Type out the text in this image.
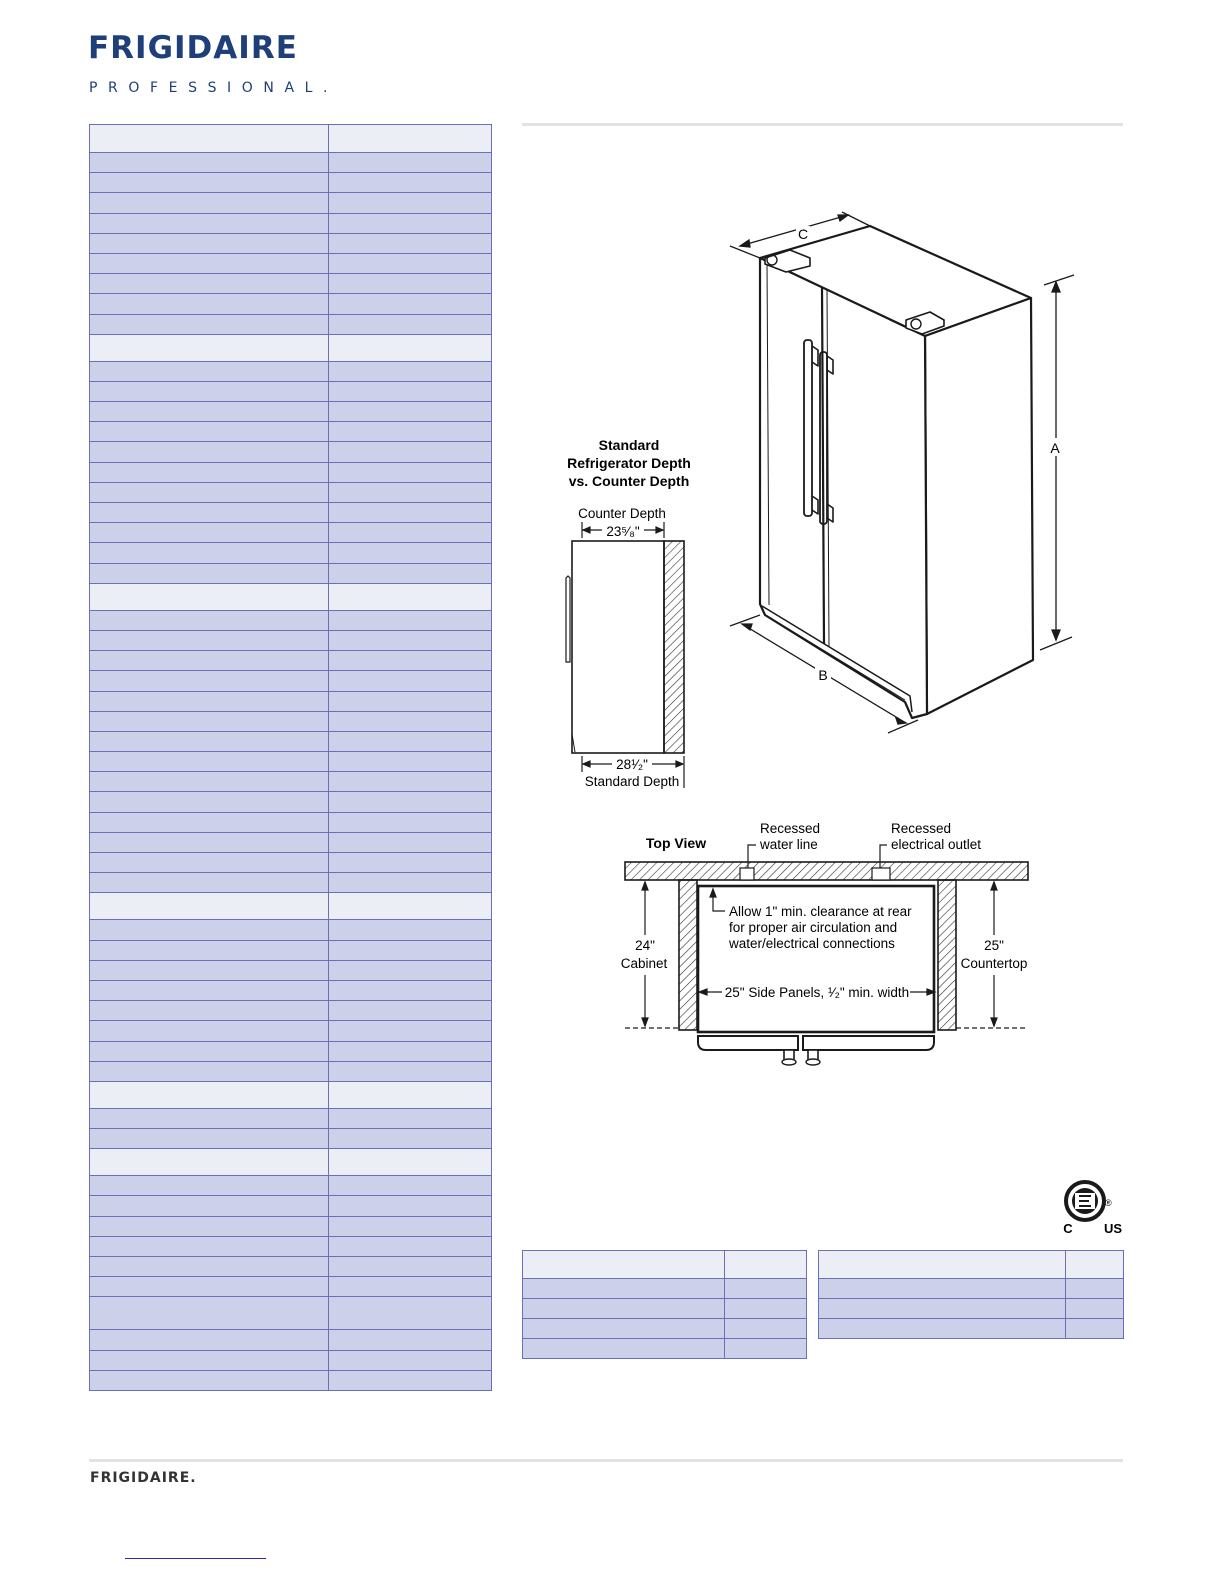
FRIGIDAIRE
PROFESSIONAL.
C
A
B
Standard
Refrigerator Depth
vs. Counter Depth
Counter Depth
23⁵⁄₈"
28¹⁄₂"
Standard Depth
Top View
Recessed
water line
Recessed
electrical outlet
24"
Cabinet
25"
Countertop
Allow 1" min. clearance at rear
for proper air circulation and
water/electrical connections
25" Side Panels, ¹⁄₂" min. width
®
C US
FRIGIDAIRE.
